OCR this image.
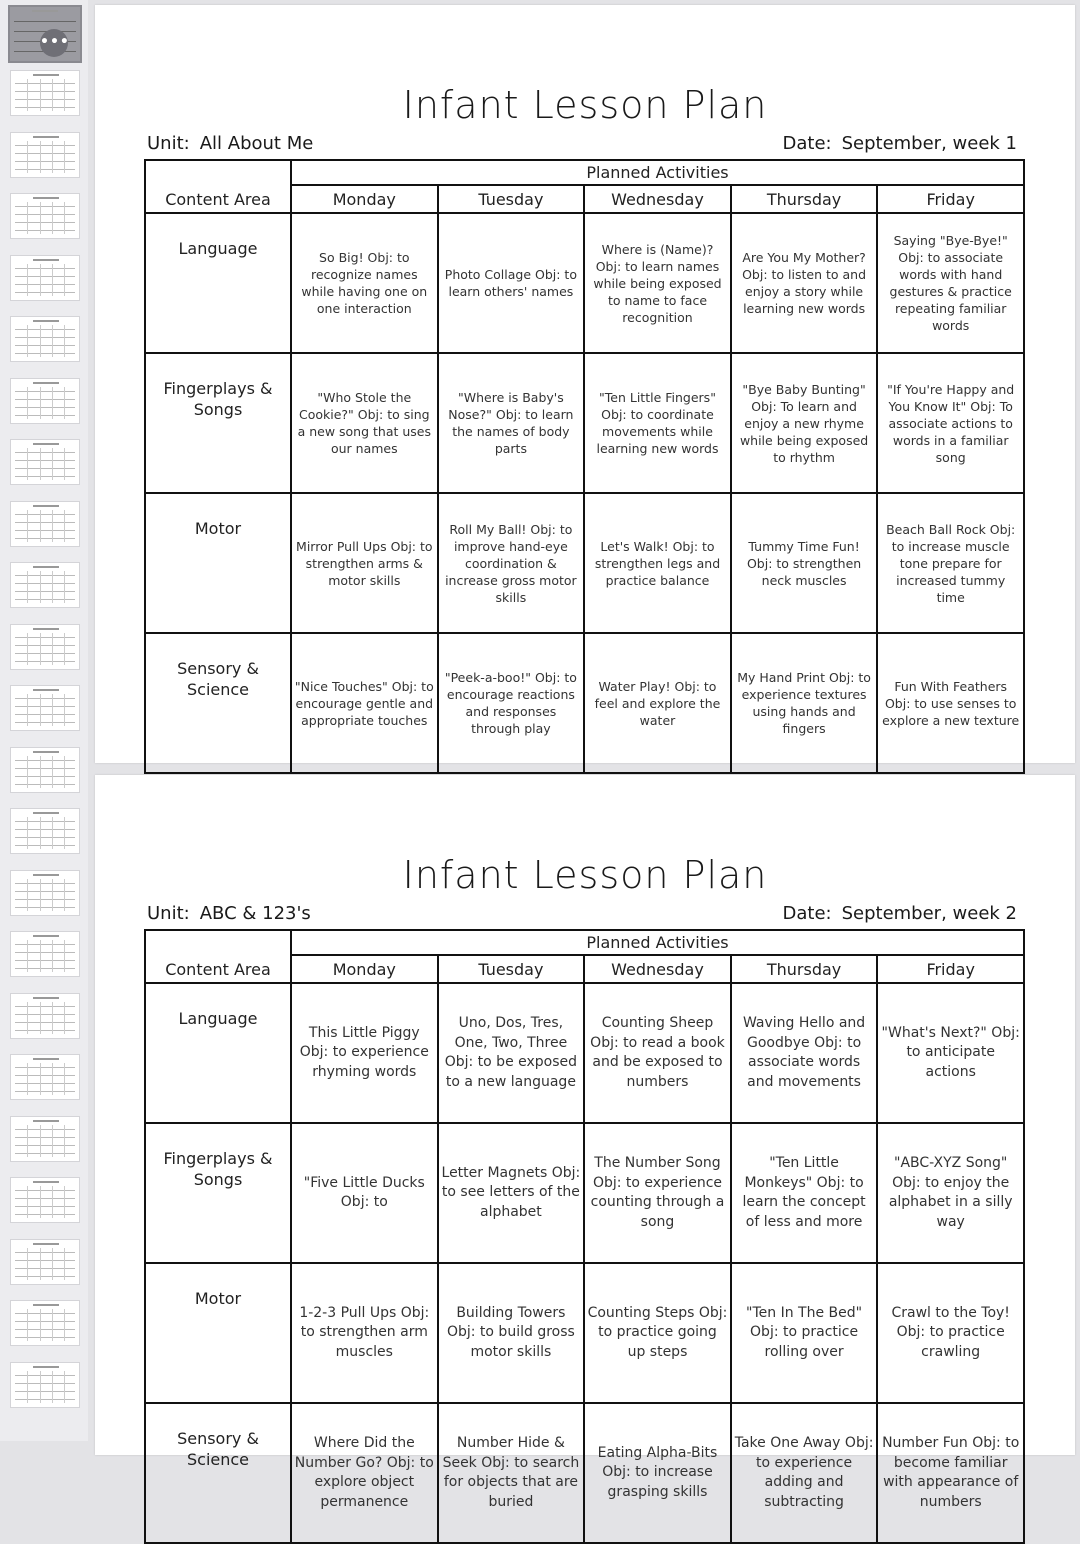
•••
Infant Lesson Plan
Unit: All About Me	Date: September, week 1
Content Area	Planned Activities				
	Monday	Tuesday	Wednesday	Thursday	Friday
Language	So Big! Obj: to recognize names while having one on one interaction	Photo Collage Obj: to learn others' names	Where is (Name)? Obj: to learn names while being exposed to name to face recognition	Are You My Mother? Obj: to listen to and enjoy a story while learning new words	Saying "Bye-Bye!" Obj: to associate words with hand gestures & practice repeating familiar words
Fingerplays & Songs	"Who Stole the Cookie?" Obj: to sing a new song that uses our names	"Where is Baby's Nose?" Obj: to learn the names of body parts	"Ten Little Fingers" Obj: to coordinate movements while learning new words	"Bye Baby Bunting" Obj: To learn and enjoy a new rhyme while being exposed to rhythm	"If You're Happy and You Know It" Obj: To associate actions to words in a familiar song
Motor	Mirror Pull Ups Obj: to strengthen arms & motor skills	Roll My Ball! Obj: to improve hand-eye coordination & increase gross motor skills	Let's Walk! Obj: to strengthen legs and practice balance	Tummy Time Fun! Obj: to strengthen neck muscles	Beach Ball Rock Obj: to increase muscle tone prepare for increased tummy time
Sensory & Science	"Nice Touches" Obj: to encourage gentle and appropriate touches	"Peek-a-boo!" Obj: to encourage reactions and responses through play	Water Play! Obj: to feel and explore the water	My Hand Print Obj: to experience textures using hands and fingers	Fun With Feathers Obj: to use senses to explore a new texture
Infant Lesson Plan
Unit: ABC & 123's	Date: September, week 2
Content Area	Planned Activities				
	Monday	Tuesday	Wednesday	Thursday	Friday
Language	This Little Piggy Obj: to experience rhyming words	Uno, Dos, Tres, One, Two, Three Obj: to be exposed to a new language	Counting Sheep Obj: to read a book and be exposed to numbers	Waving Hello and Goodbye Obj: to associate words and movements	"What's Next?" Obj: to anticipate actions
Fingerplays & Songs	"Five Little Ducks Obj: to	Letter Magnets Obj: to see letters of the alphabet	The Number Song Obj: to experience counting through a song	"Ten Little Monkeys" Obj: to learn the concept of less and more	"ABC-XYZ Song" Obj: to enjoy the alphabet in a silly way
Motor	1-2-3 Pull Ups Obj: to strengthen arm muscles	Building Towers Obj: to build gross motor skills	Counting Steps Obj: to practice going up steps	"Ten In The Bed" Obj: to practice rolling over	Crawl to the Toy! Obj: to practice crawling
Sensory & Science	Where Did the Number Go? Obj: to explore object permanence	Number Hide & Seek Obj: to search for objects that are buried	Eating Alpha-Bits Obj: to increase grasping skills	Take One Away Obj: to experience adding and subtracting	Number Fun Obj: to become familiar with appearance of numbers
